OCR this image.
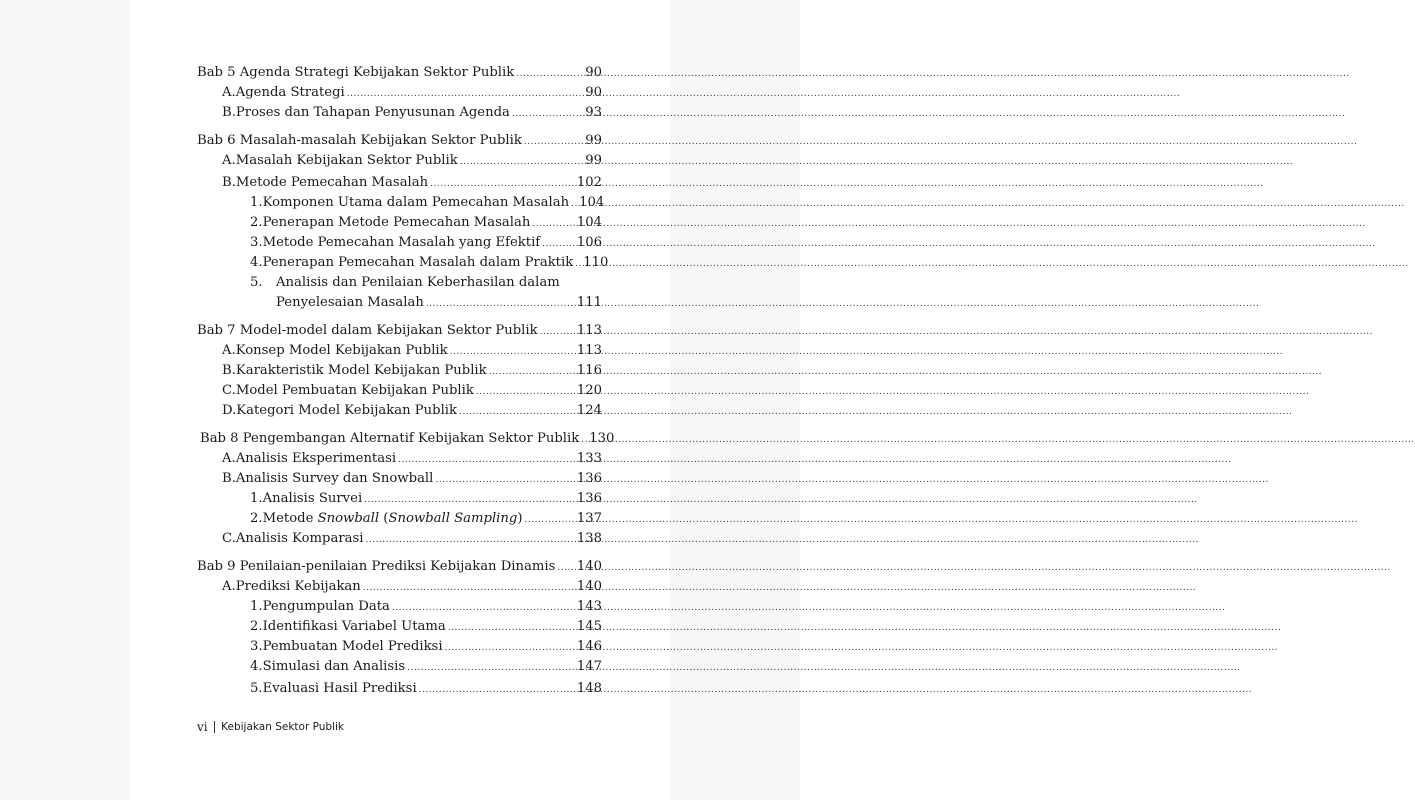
Bab 5 Agenda Strategi Kebijakan Sektor Publik .....	90
A. Agenda Strategi .....	90
B. Proses dan Tahapan Penyusunan Agenda .....	93
Bab 6 Masalah-masalah Kebijakan Sektor Publik .....	99
A. Masalah Kebijakan Sektor Publik .....	99
B. Metode Pemecahan Masalah .....	102
1. Komponen Utama dalam Pemecahan Masalah ..... 104
2. Penerapan Metode Pemecahan Masalah .....	104
3. Metode Pemecahan Masalah yang Efektif .....	106
4. Penerapan Pemecahan Masalah dalam Praktik ..... 110
5.	Analisis dan Penilaian Keberhasilan dalam
Penyelesaian Masalah .....	111
Bab 7 Model-model dalam Kebijakan Sektor Publik .....	113
A. Konsep Model Kebijakan Publik .....	113
B. Karakteristik Model Kebijakan Publik .....	116
C. Model Pembuatan Kebijakan Publik .....	120
D. Kategori Model Kebijakan Publik .....	124
Bab 8 Pengembangan Alternatif Kebijakan Sektor Publik ..... 130
A. Analisis Eksperimentasi .....	133
B. Analisis Survey dan Snowball .....	136
1. Analisis Survei .....	136
2. Metode Snowball (Snowball Sampling) .....	137
C. Analisis Komparasi .....	138
Bab 9 Penilaian-penilaian Prediksi Kebijakan Dinamis ..... 140
A. Prediksi Kebijakan .....	140
1. Pengumpulan Data .....	143
2. Identifikasi Variabel Utama .....	145
3. Pembuatan Model Prediksi .....	146
4. Simulasi dan Analisis .....	147
5. Evaluasi Hasil Prediksi .....	148
vi Kebijakan Sektor Publik
